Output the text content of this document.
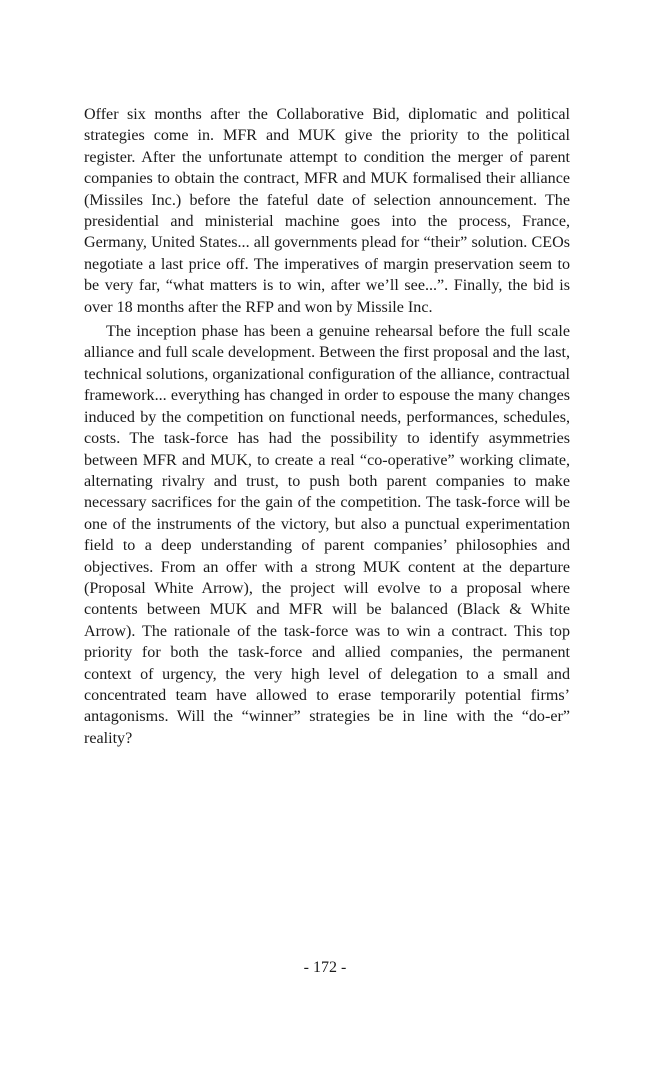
Offer six months after the Collaborative Bid, diplomatic and political strategies come in. MFR and MUK give the priority to the political register. After the unfortunate attempt to condition the merger of parent companies to obtain the contract, MFR and MUK formalised their alliance (Missiles Inc.) before the fateful date of selection announcement. The presidential and ministerial machine goes into the process, France, Germany, United States... all governments plead for “their” solution. CEOs negotiate a last price off. The imperatives of margin preservation seem to be very far, “what matters is to win, after we’ll see...”. Finally, the bid is over 18 months after the RFP and won by Missile Inc.

The inception phase has been a genuine rehearsal before the full scale alliance and full scale development. Between the first proposal and the last, technical solutions, organizational configuration of the alliance, contractual framework... everything has changed in order to espouse the many changes induced by the competition on functional needs, performances, schedules, costs. The task-force has had the possibility to identify asymmetries between MFR and MUK, to create a real “co-operative” working climate, alternating rivalry and trust, to push both parent companies to make necessary sacrifices for the gain of the competition. The task-force will be one of the instruments of the victory, but also a punctual experimentation field to a deep understanding of parent companies’ philosophies and objectives. From an offer with a strong MUK content at the departure (Proposal White Arrow), the project will evolve to a proposal where contents between MUK and MFR will be balanced (Black & White Arrow). The rationale of the task-force was to win a contract. This top priority for both the task-force and allied companies, the permanent context of urgency, the very high level of delegation to a small and concentrated team have allowed to erase temporarily potential firms’ antagonisms. Will the “winner” strategies be in line with the “do-er” reality?

- 172 -
